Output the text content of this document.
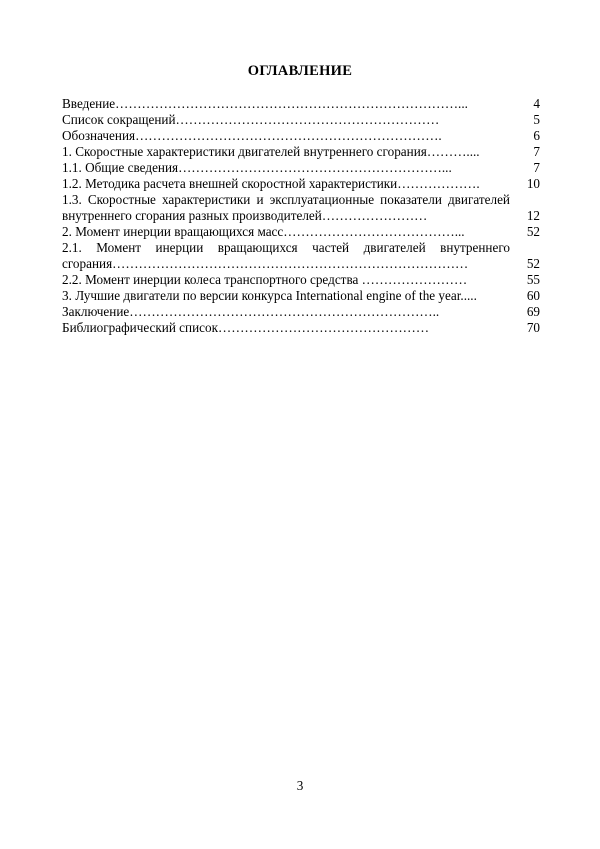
ОГЛАВЛЕНИЕ
Введение……………………………………………………………………...	4
Список сокращений……………………………………………………	5
Обозначения…………………………………………………………….	6
1. Скоростные характеристики двигателей внутреннего сгорания………....	7
1.1. Общие сведения……………………………………………………...	7
1.2. Методика расчета внешней скоростной характеристики……………….	10
1.3. Скоростные характеристики и эксплуатационные показатели двигателей внутреннего сгорания разных производителей……………………	12
2. Момент инерции вращающихся масс…………………………………...	52
2.1. Момент инерции вращающихся частей двигателей внутреннего сгорания………………………………………………………………………	52
2.2. Момент инерции колеса транспортного средства ……………………	55
3. Лучшие двигатели по версии конкурса International engine of the year.....	60
Заключение……………………………………………………………..	69
Библиографический список…………………………………………	70
3
